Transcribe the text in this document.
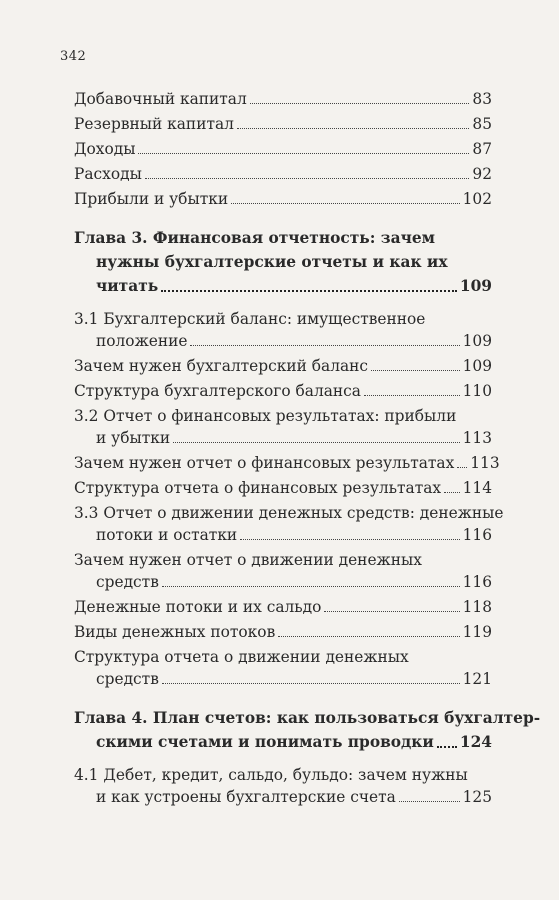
342
Добавочный капитал	83
Резервный капитал	85
Доходы	87
Расходы	92
Прибыли и убытки	102
Глава 3. Финансовая отчетность: зачем
нужны бухгалтерские отчеты и как их
читать	109
3.1 Бухгалтерский баланс: имущественное
положение	109
Зачем нужен бухгалтерский баланс	109
Структура бухгалтерского баланса	110
3.2 Отчет о финансовых результатах: прибыли
и убытки	113
Зачем нужен отчет о финансовых результатах 113
Структура отчета о финансовых результатах 114
3.3 Отчет о движении денежных средств: денежные
потоки и остатки	116
Зачем нужен отчет о движении денежных
средств	116
Денежные потоки и их сальдо	118
Виды денежных потоков	119
Структура отчета о движении денежных
средств	121
Глава 4. План счетов: как пользоваться бухгалтер-
скими счетами и понимать проводки 124
4.1 Дебет, кредит, сальдо, бульдо: зачем нужны
и как устроены бухгалтерские счета	125
